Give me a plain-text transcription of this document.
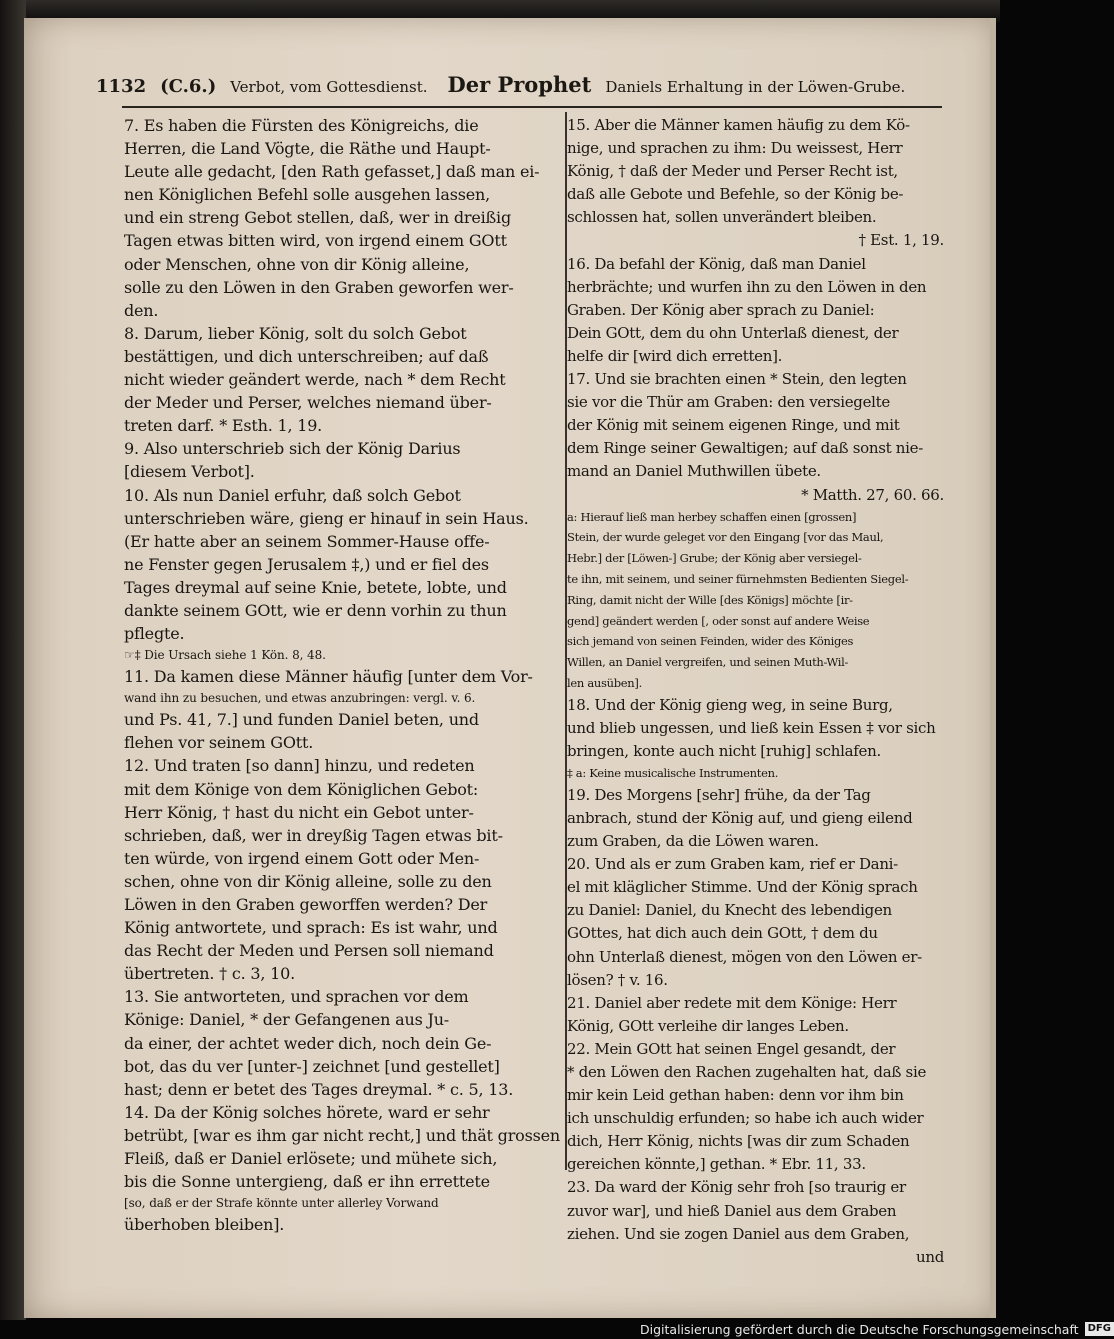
1132 (C.6.) Verbot, vom Gottesdienst. Der Prophet Daniels Erhaltung in der Löwen-Grube.
7. Es haben die Fürsten des Königreichs, die
Herren, die Land Vögte, die Räthe und Haupt-
Leute alle gedacht, [den Rath gefasset,] daß man ei-
nen Königlichen Befehl solle ausgehen lassen,
und ein streng Gebot stellen, daß, wer in dreißig
Tagen etwas bitten wird, von irgend einem GOtt
oder Menschen, ohne von dir König alleine,
solle zu den Löwen in den Graben geworfen wer-
den.
8. Darum, lieber König, solt du solch Gebot
bestättigen, und dich unterschreiben; auf daß
nicht wieder geändert werde, nach * dem Recht
der Meder und Perser, welches niemand über-
treten darf. * Esth. 1, 19.
9. Also unterschrieb sich der König Darius
[diesem Verbot].
10. Als nun Daniel erfuhr, daß solch Gebot
unterschrieben wäre, gieng er hinauf in sein Haus.
(Er hatte aber an seinem Sommer-Hause offe-
ne Fenster gegen Jerusalem ‡,) und er fiel des
Tages dreymal auf seine Knie, betete, lobte, und
dankte seinem GOtt, wie er denn vorhin zu thun
pflegte.
☞‡ Die Ursach siehe 1 Kön. 8, 48.
11. Da kamen diese Männer häufig [unter dem Vor-
wand ihn zu besuchen, und etwas anzubringen: vergl. v. 6.
und Ps. 41, 7.] und funden Daniel beten, und
flehen vor seinem GOtt.
12. Und traten [so dann] hinzu, und redeten
mit dem Könige von dem Königlichen Gebot:
Herr König, † hast du nicht ein Gebot unter-
schrieben, daß, wer in dreyßig Tagen etwas bit-
ten würde, von irgend einem Gott oder Men-
schen, ohne von dir König alleine, solle zu den
Löwen in den Graben geworffen werden? Der
König antwortete, und sprach: Es ist wahr, und
das Recht der Meden und Persen soll niemand
übertreten. † c. 3, 10.
13. Sie antworteten, und sprachen vor dem
Könige: Daniel, * der Gefangenen aus Ju-
da einer, der achtet weder dich, noch dein Ge-
bot, das du ver [unter-] zeichnet [und gestellet]
hast; denn er betet des Tages dreymal. * c. 5, 13.
14. Da der König solches hörete, ward er sehr
betrübt, [war es ihm gar nicht recht,] und thät grossen
Fleiß, daß er Daniel erlösete; und mühete sich,
bis die Sonne untergieng, daß er ihn errettete
[so, daß er der Strafe könnte unter allerley Vorwand
überhoben bleiben].
15. Aber die Männer kamen häufig zu dem Kö-
nige, und sprachen zu ihm: Du weissest, Herr
König, † daß der Meder und Perser Recht ist,
daß alle Gebote und Befehle, so der König be-
schlossen hat, sollen unverändert bleiben.
† Est. 1, 19.
16. Da befahl der König, daß man Daniel
herbrächte; und wurfen ihn zu den Löwen in den
Graben. Der König aber sprach zu Daniel:
Dein GOtt, dem du ohn Unterlaß dienest, der
helfe dir [wird dich erretten].
17. Und sie brachten einen * Stein, den legten
sie vor die Thür am Graben: den versiegelte
der König mit seinem eigenen Ringe, und mit
dem Ringe seiner Gewaltigen; auf daß sonst nie-
mand an Daniel Muthwillen übete.
* Matth. 27, 60. 66.
a: Hierauf ließ man herbey schaffen einen [grossen]
Stein, der wurde geleget vor den Eingang [vor das Maul,
Hebr.] der [Löwen-] Grube; der König aber versiegel-
te ihn, mit seinem, und seiner fürnehmsten Bedienten Siegel-
Ring, damit nicht der Wille [des Königs] möchte [ir-
gend] geändert werden [, oder sonst auf andere Weise
sich jemand von seinen Feinden, wider des Königes
Willen, an Daniel vergreifen, und seinen Muth-Wil-
len ausüben].
18. Und der König gieng weg, in seine Burg,
und blieb ungessen, und ließ kein Essen ‡ vor sich
bringen, konte auch nicht [ruhig] schlafen.
‡ a: Keine musicalische Instrumenten.
19. Des Morgens [sehr] frühe, da der Tag
anbrach, stund der König auf, und gieng eilend
zum Graben, da die Löwen waren.
20. Und als er zum Graben kam, rief er Dani-
el mit kläglicher Stimme. Und der König sprach
zu Daniel: Daniel, du Knecht des lebendigen
GOttes, hat dich auch dein GOtt, † dem du
ohn Unterlaß dienest, mögen von den Löwen er-
lösen? † v. 16.
21. Daniel aber redete mit dem Könige: Herr
König, GOtt verleihe dir langes Leben.
22. Mein GOtt hat seinen Engel gesandt, der
* den Löwen den Rachen zugehalten hat, daß sie
mir kein Leid gethan haben: denn vor ihm bin
ich unschuldig erfunden; so habe ich auch wider
dich, Herr König, nichts [was dir zum Schaden
gereichen könnte,] gethan. * Ebr. 11, 33.
23. Da ward der König sehr froh [so traurig er
zuvor war], und hieß Daniel aus dem Graben
ziehen. Und sie zogen Daniel aus dem Graben,
und
Digitalisierung gefördert durch die Deutsche Forschungsgemeinschaft DFG
